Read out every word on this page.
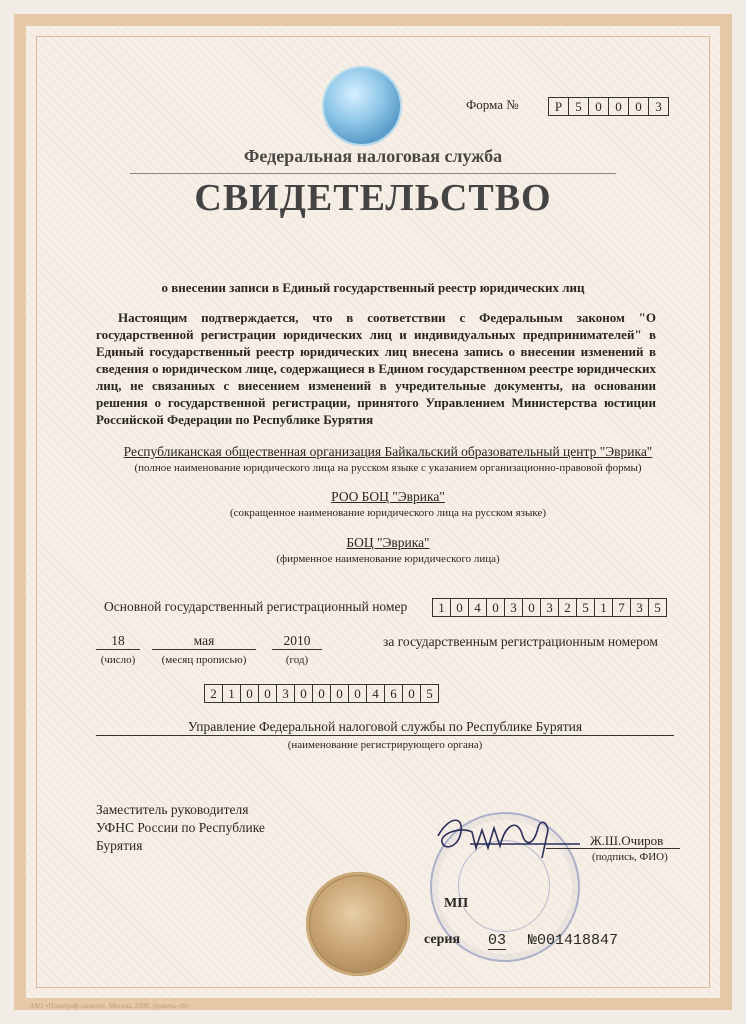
Форма №	Р	5	0	0	0	3
Федеральная налоговая служба
СВИДЕТЕЛЬСТВО
о внесении записи в Единый государственный реестр юридических лиц
Настоящим подтверждается, что в соответствии с Федеральным законом "О государственной регистрации юридических лиц и индивидуальных предпринимателей" в Единый государственный реестр юридических лиц внесена запись о внесении изменений в сведения о юридическом лице, содержащиеся в Едином государственном реестре юридических лиц, не связанных с внесением изменений в учредительные документы, на основании решения о государственной регистрации, принятого Управлением Министерства юстиции Российской Федерации по Республике Бурятия
Республиканская общественная организация Байкальский образовательный центр "Эврика"
(полное наименование юридического лица на русском языке с указанием организационно-правовой формы)
РОО БОЦ "Эврика"
(сокращенное наименование юридического лица на русском языке)
БОЦ "Эврика"
(фирменное наименование юридического лица)
Основной государственный регистрационный номер	1 0 4 0 3 0 3 2 5 1 7 3 5
18
(число)
мая
(месяц прописью)
2010
(год)
за государственным регистрационным номером
2 1 0 0 3 0 0 0 0 4 6 0 5
Управление Федеральной налоговой службы по Республике Бурятия
(наименование регистрирующего органа)
Заместитель руководителя
УФНС России по Республике
Бурятия	Ж.Ш.Очиров
(подпись, ФИО)
МП
серия 03 №001418847
ЗАО «Полиграф-защита», Москва, 2008, уровень «В»
